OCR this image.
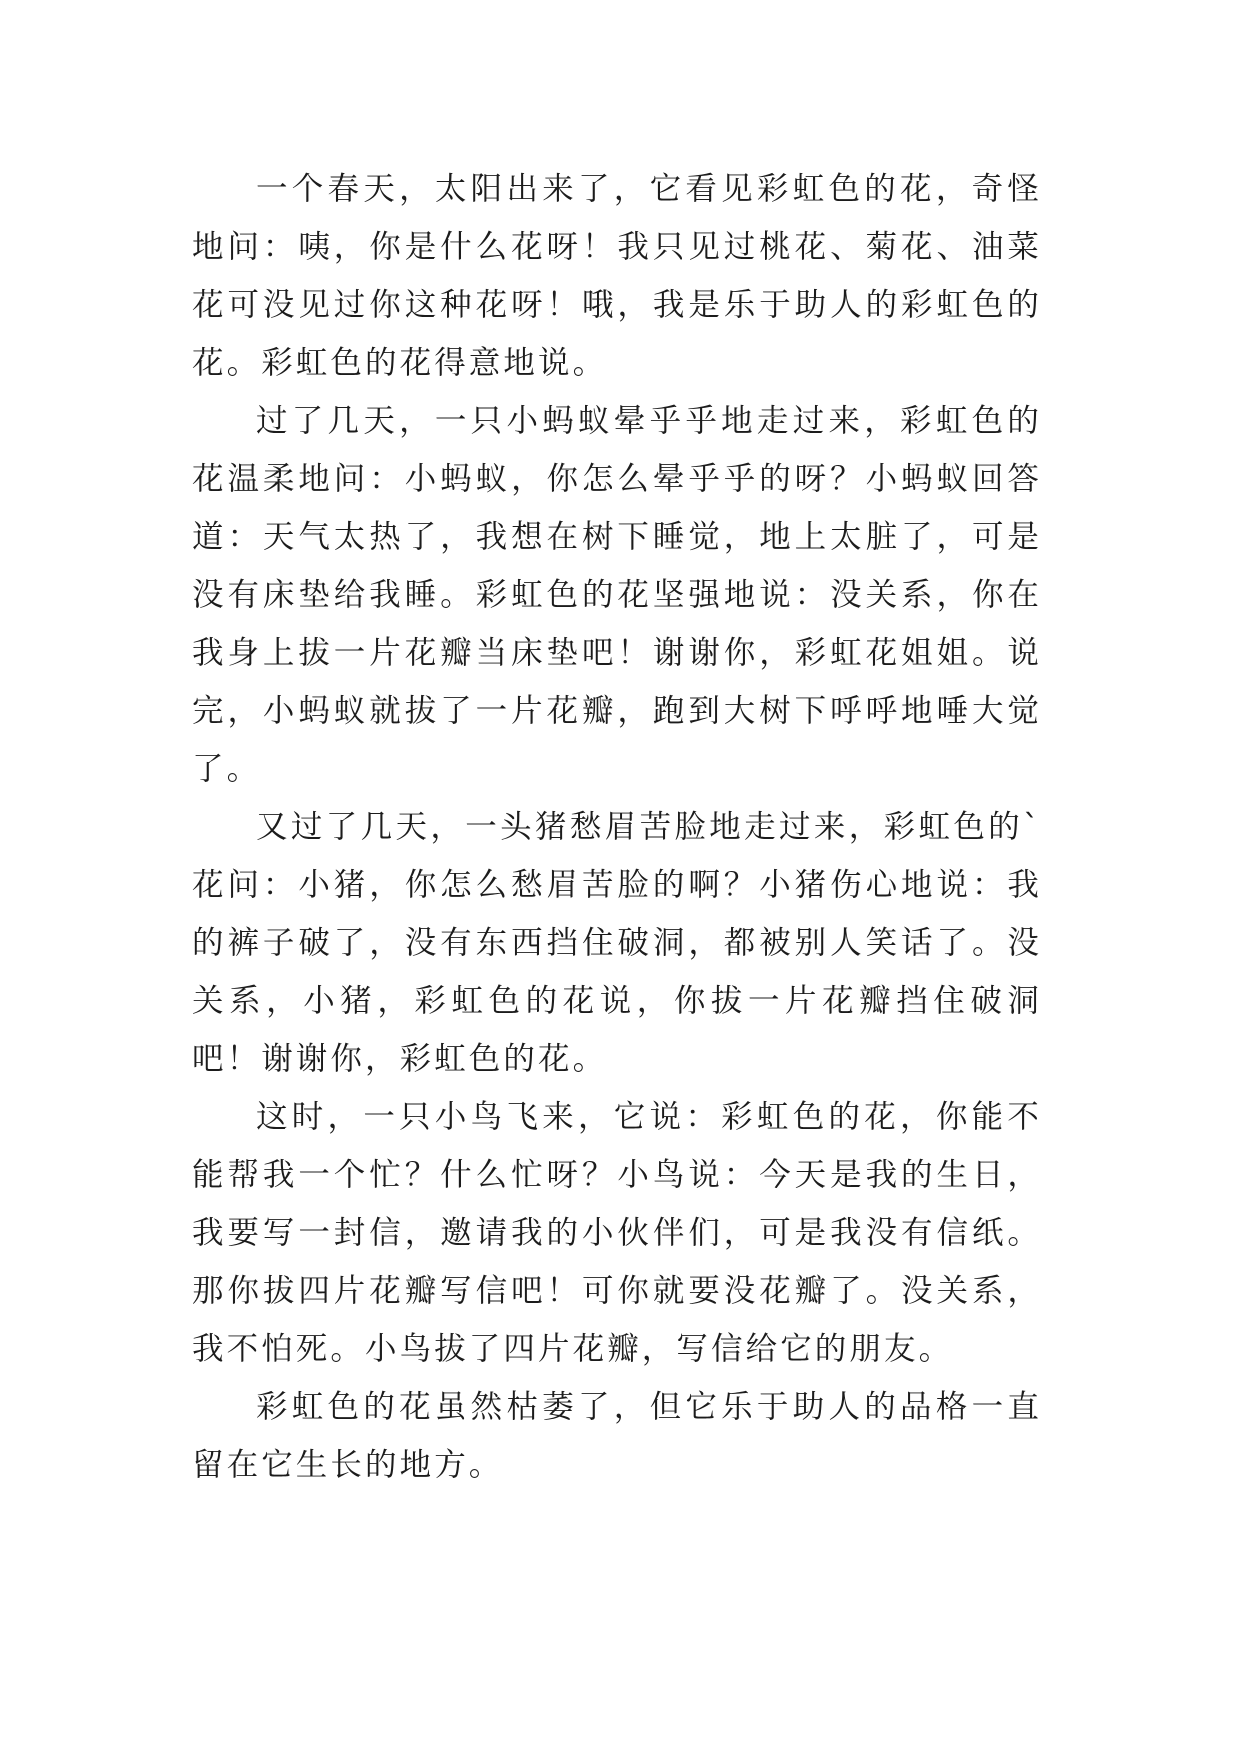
一个春天，太阳出来了，它看见彩虹色的花，奇怪地问：咦，你是什么花呀！我只见过桃花、菊花、油菜花可没见过你这种花呀！哦，我是乐于助人的彩虹色的花。彩虹色的花得意地说。

过了几天，一只小蚂蚁晕乎乎地走过来，彩虹色的花温柔地问：小蚂蚁，你怎么晕乎乎的呀？小蚂蚁回答道：天气太热了，我想在树下睡觉，地上太脏了，可是没有床垫给我睡。彩虹色的花坚强地说：没关系，你在我身上拔一片花瓣当床垫吧！谢谢你，彩虹花姐姐。说完，小蚂蚁就拔了一片花瓣，跑到大树下呼呼地唾大觉了。

又过了几天，一头猪愁眉苦脸地走过来，彩虹色的`花问：小猪，你怎么愁眉苦脸的啊？小猪伤心地说：我的裤子破了，没有东西挡住破洞，都被别人笑话了。没关系，小猪，彩虹色的花说，你拔一片花瓣挡住破洞吧！谢谢你，彩虹色的花。

这时，一只小鸟飞来，它说：彩虹色的花，你能不能帮我一个忙？什么忙呀？小鸟说：今天是我的生日，我要写一封信，邀请我的小伙伴们，可是我没有信纸。那你拔四片花瓣写信吧！可你就要没花瓣了。没关系，我不怕死。小鸟拔了四片花瓣，写信给它的朋友。

彩虹色的花虽然枯萎了，但它乐于助人的品格一直留在它生长的地方。
